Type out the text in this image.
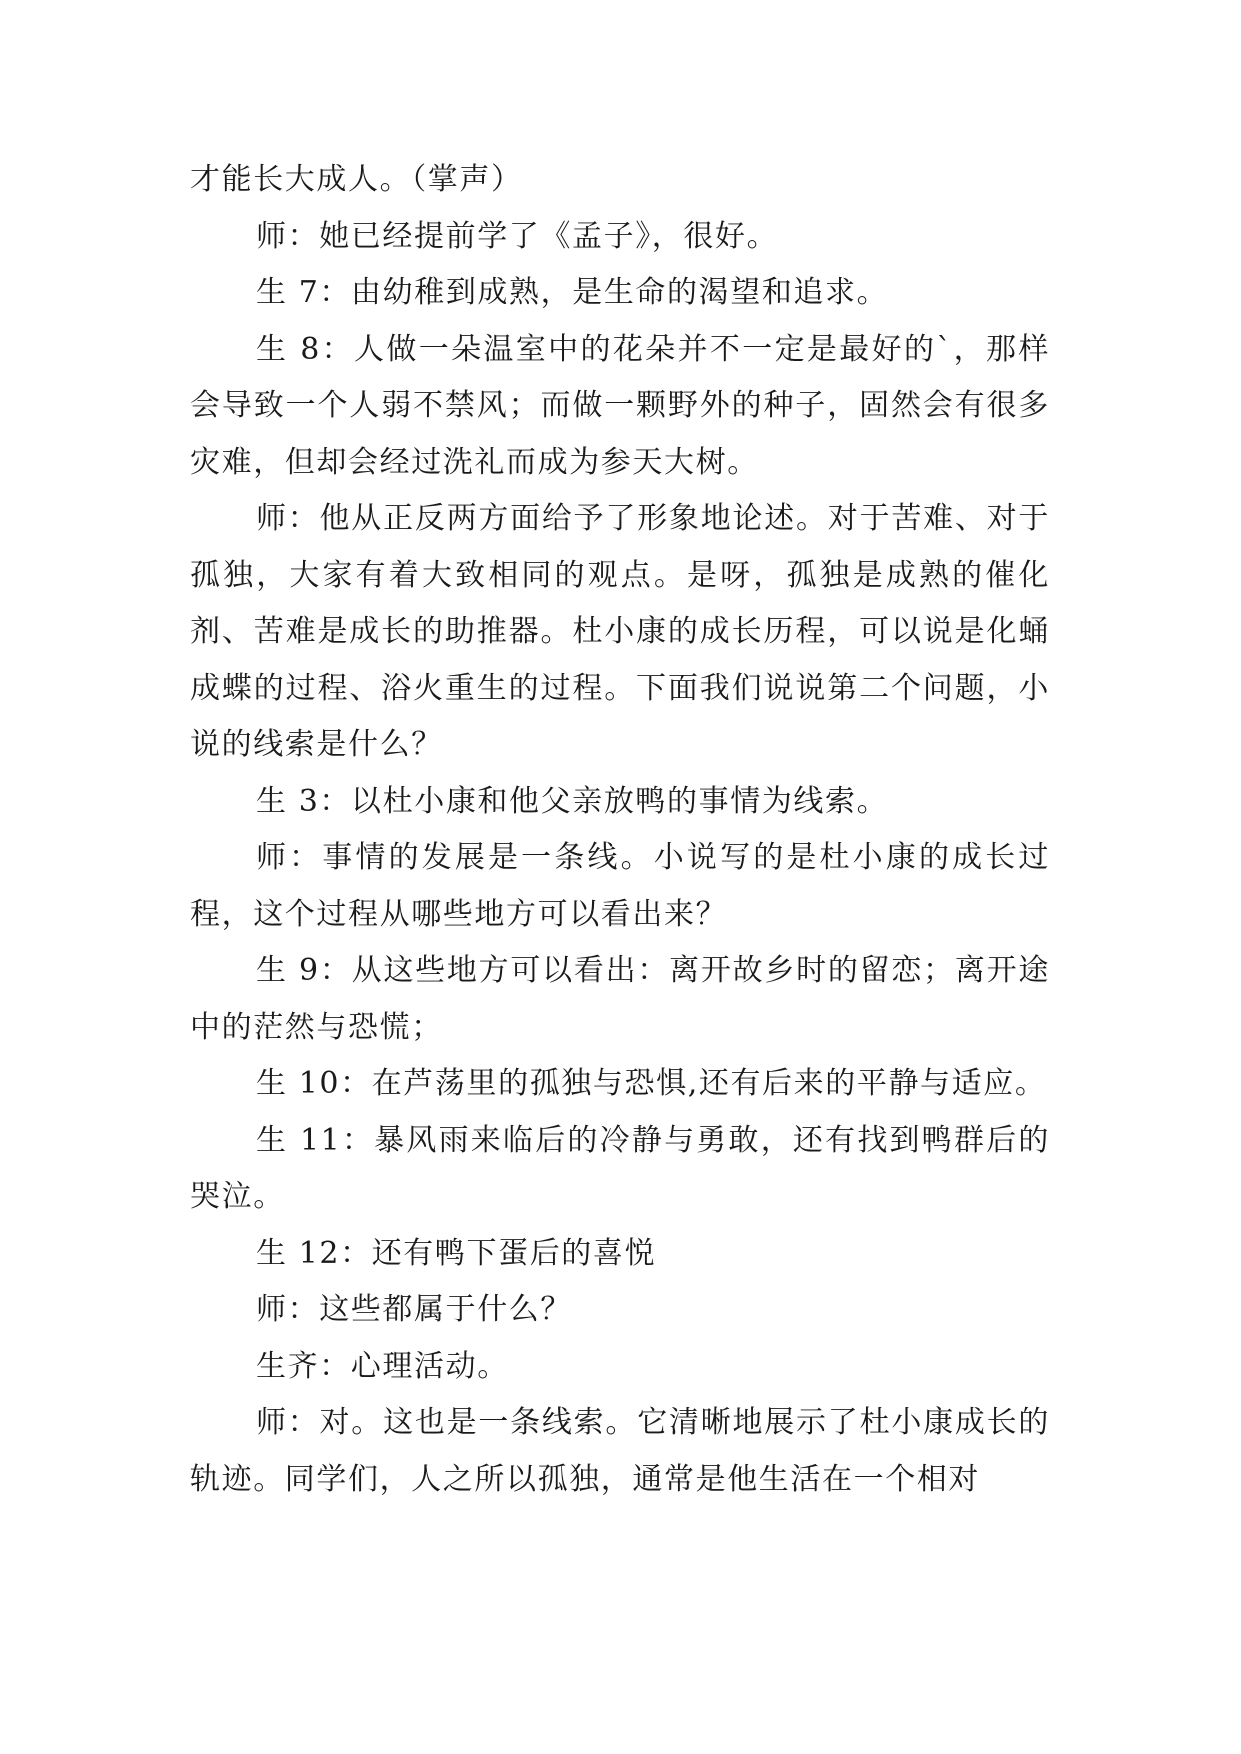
才能长大成人。（掌声）

师：她已经提前学了《孟子》，很好。

生 7：由幼稚到成熟，是生命的渴望和追求。

生 8：人做一朵温室中的花朵并不一定是最好的`，那样会导致一个人弱不禁风；而做一颗野外的种子，固然会有很多灾难，但却会经过洗礼而成为参天大树。

师：他从正反两方面给予了形象地论述。对于苦难、对于孤独，大家有着大致相同的观点。是呀，孤独是成熟的催化剂、苦难是成长的助推器。杜小康的成长历程，可以说是化蛹成蝶的过程、浴火重生的过程。下面我们说说第二个问题，小说的线索是什么？

生 3：以杜小康和他父亲放鸭的事情为线索。

师：事情的发展是一条线。小说写的是杜小康的成长过程，这个过程从哪些地方可以看出来？

生 9：从这些地方可以看出：离开故乡时的留恋；离开途中的茫然与恐慌；

生 10：在芦荡里的孤独与恐惧,还有后来的平静与适应。

生 11：暴风雨来临后的冷静与勇敢，还有找到鸭群后的哭泣。

生 12：还有鸭下蛋后的喜悦

师：这些都属于什么？

生齐：心理活动。

师：对。这也是一条线索。它清晰地展示了杜小康成长的轨迹。同学们，人之所以孤独，通常是他生活在一个相对
